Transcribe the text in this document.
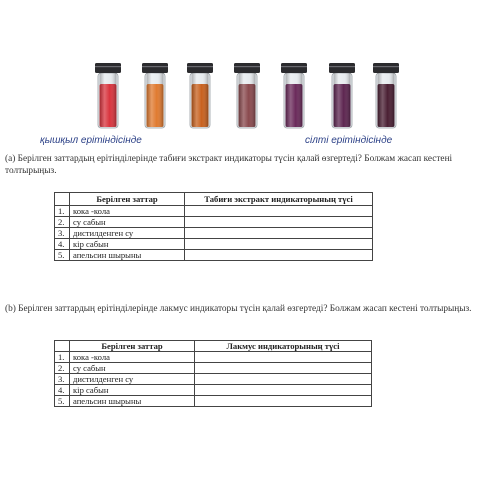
қышқыл ерітіндісінде	сілті ерітіндісінде
(a) Берілген заттардың ерітінділерінде табиғи экстракт индикаторы түсін қалай өзгертеді? Болжам жасап кестені толтырыңыз.
	Берілген заттар	Табиғи экстракт индикаторының түсі
1.	кока -кола	
2.	су сабын	
3.	дистилденген су	
4.	кір сабын	
5.	апельсин шырыны	
(b) Берілген заттардың ерітінділерінде лакмус индикаторы түсін қалай өзгертеді? Болжам жасап кестені толтырыңыз.
	Берілген заттар	Лакмус индикаторының түсі
1.	кока -кола	
2.	су сабын	
3.	дистилденген су	
4.	кір сабын	
5.	апельсин шырыны	
